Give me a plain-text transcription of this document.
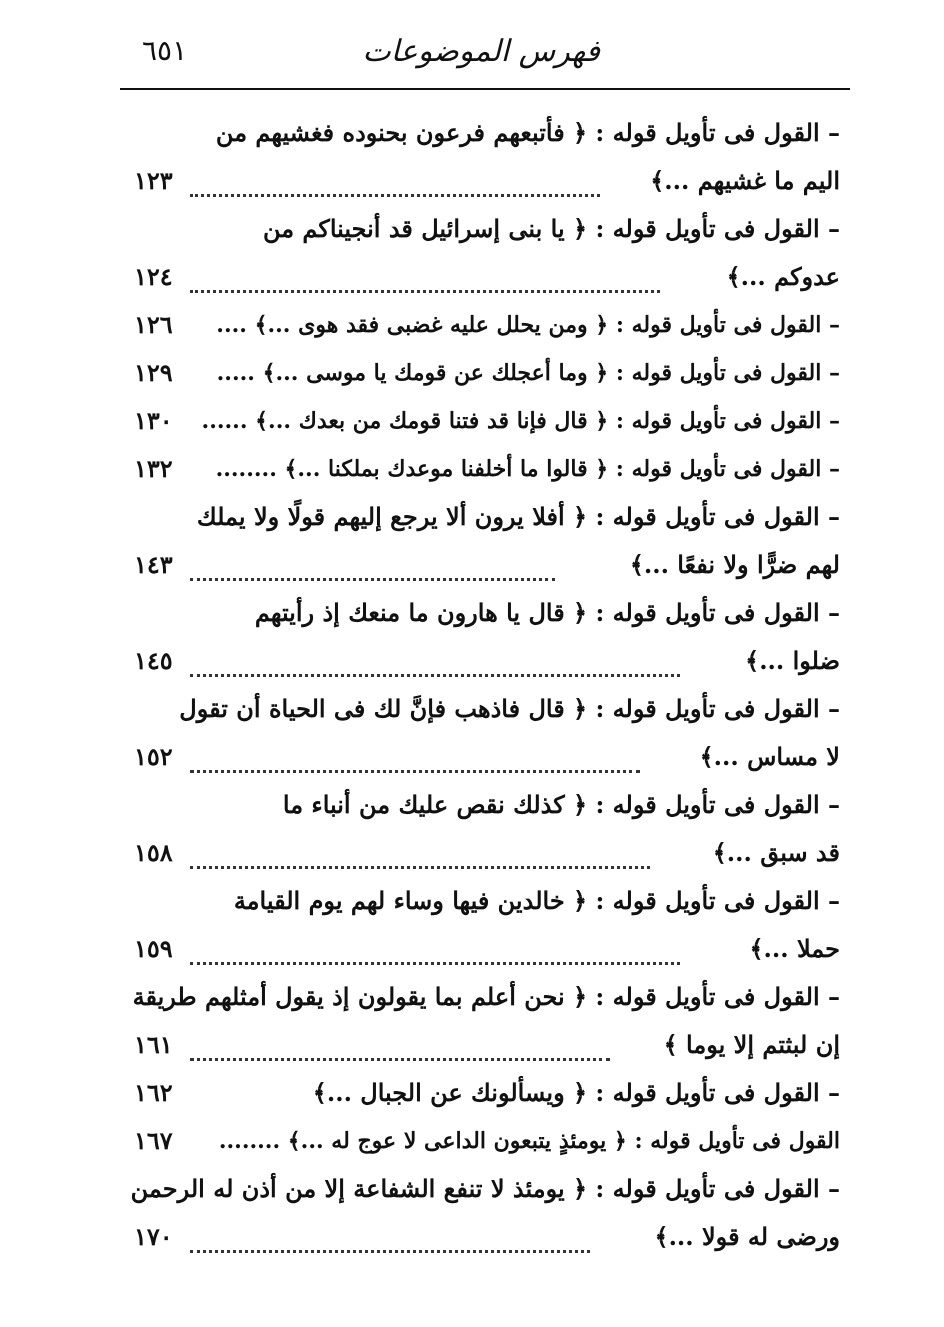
فهرس الموضوعات
٦٥١
– القول فى تأويل قوله : ﴿ فأتبعهم فرعون بحنوده فغشيهم من
اليم ما غشيهم ...﴾
١٢٣
– القول فى تأويل قوله : ﴿ يا بنى إسرائيل قد أنجيناكم من
عدوكم ...﴾
١٢٤
– القول فى تأويل قوله : ﴿ ومن يحلل عليه غضبى فقد هوى ...﴾ ....
١٢٦
– القول فى تأويل قوله : ﴿ وما أعجلك عن قومك يا موسى ...﴾ .....
١٢٩
– القول فى تأويل قوله : ﴿ قال فإنا قد فتنا قومك من بعدك ...﴾ ......
١٣٠
– القول فى تأويل قوله : ﴿ قالوا ما أخلفنا موعدك بملكنا ...﴾ ........
١٣٢
– القول فى تأويل قوله : ﴿ أفلا يرون ألا يرجع إليهم قولًا ولا يملك
لهم ضرًّا ولا نفعًا ...﴾
١٤٣
– القول فى تأويل قوله : ﴿ قال يا هارون ما منعك إذ رأيتهم
ضلوا ...﴾
١٤٥
– القول فى تأويل قوله : ﴿ قال فاذهب فإنَّ لك فى الحياة أن تقول
لا مساس ...﴾
١٥٢
– القول فى تأويل قوله : ﴿ كذلك نقص عليك من أنباء ما
قد سبق ...﴾
١٥٨
– القول فى تأويل قوله : ﴿ خالدين فيها وساء لهم يوم القيامة
حملا ...﴾
١٥٩
– القول فى تأويل قوله : ﴿ نحن أعلم بما يقولون إذ يقول أمثلهم طريقة
إن لبثتم إلا يوما ﴾
١٦١
– القول فى تأويل قوله : ﴿ ويسألونك عن الجبال ...﴾
١٦٢
القول فى تأويل قوله : ﴿ يومئذٍ يتبعون الداعى لا عوج له ...﴾ ........
١٦٧
– القول فى تأويل قوله : ﴿ يومئذ لا تنفع الشفاعة إلا من أذن له الرحمن
ورضى له قولا ...﴾
١٧٠
